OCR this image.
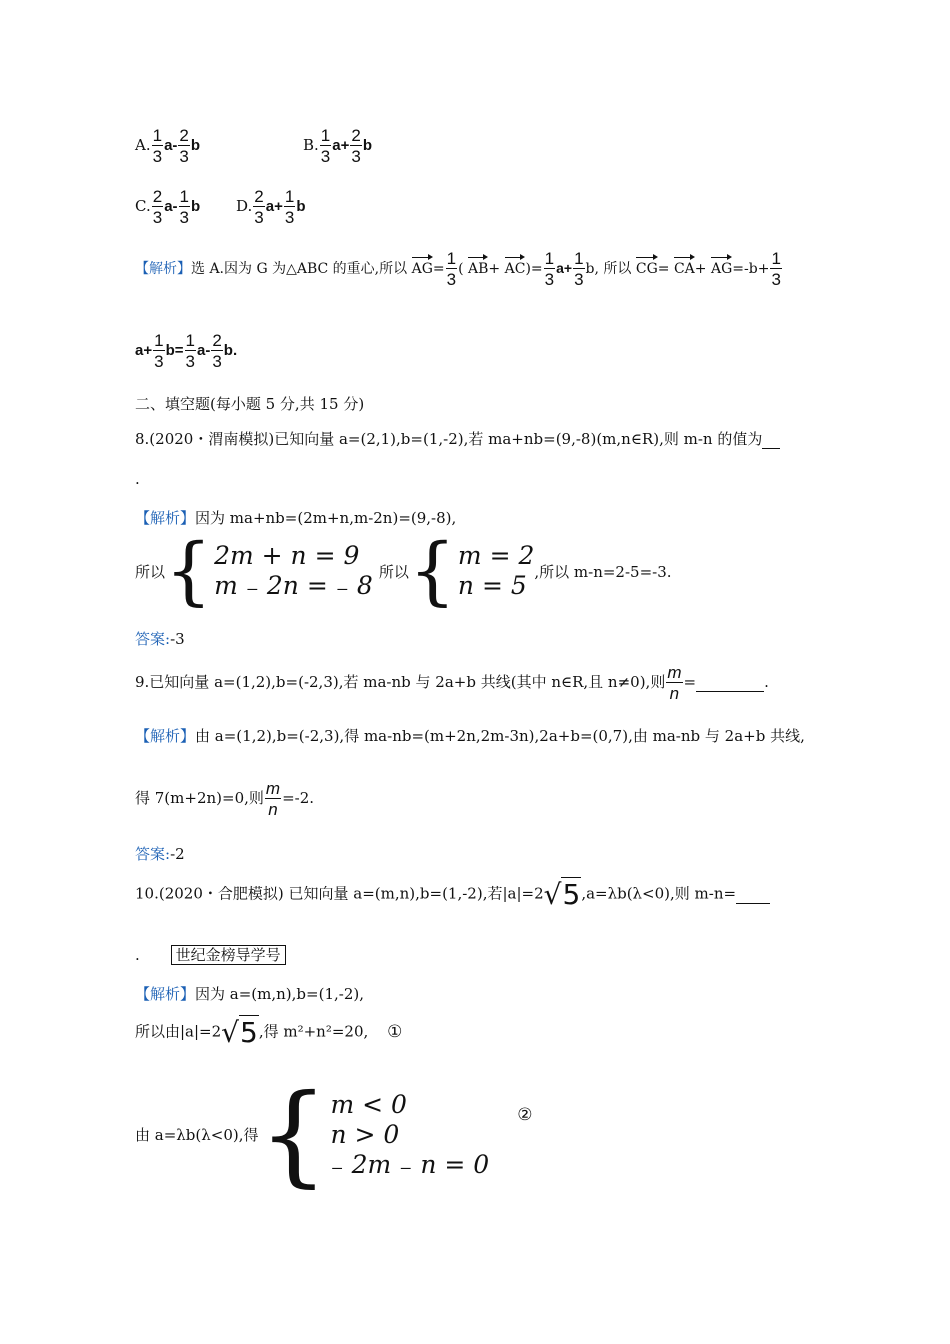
A. $\frac{1}{3} a- \frac{2}{3}$ b	B. $\frac{1}{3} a+ \frac{2}{3}$ b
C. $\frac{2}{3} a- \frac{1}{3}$ b D. $\frac{2}{3} a+ \frac{1}{3}$ b
【解析】选 A.因为 G 为△ABC 的重心,所以 $AG= \frac{1}{3}$ ( $AB+ AC)= \frac{1}{3} a+ \frac{1}{3} b$, 所以 $CG= CA+ AG=-b+ \frac{1}{3}$
$a+ \frac{1}{3} b= \frac{1}{3} a- \frac{2}{3} b$.
二、填空题(每小题 5 分,共 15 分)
8.(2020・渭南模拟)已知向量 a=(2,1),b=(1,-2),若 ma+nb=(9,-8)(m,n∈R),则 m-n 的值为
.
【解析】因为 ma+nb=(2m+n,m-2n)=(9,-8),
所以 { 2m + n = 9
m ₋ 2n = ₋ 8 所以 { m = 2
n = 5 ,所以 m-n=2-5=-3.
答案:-3
9.已知向量 a=(1,2),b=(-2,3),若 ma-nb 与 2a+b 共线(其中 n∈R,且 n≠0),则 $\frac{m}{n}$ =	.
【解析】由 a=(1,2),b=(-2,3),得 ma-nb=(m+2n,2m-3n),2a+b=(0,7),由 ma-nb 与 2a+b 共线,
得 7(m+2n)=0,则 $\frac{m}{n} =-2$.
答案:-2
10.(2020・合肥模拟) 已知向量 a=(m,n),b=(1,-2),若|a|=2√5,a=λb(λ<0),则 m-n=
. 世纪金榜导学号
【解析】因为 a=(m,n),b=(1,-2),
所以由|a|=2√5,得 m²+n²=20, ①
由 a=λb(λ<0),得 { m < 0
n > 0
₋ 2m ₋ n = 0
②
